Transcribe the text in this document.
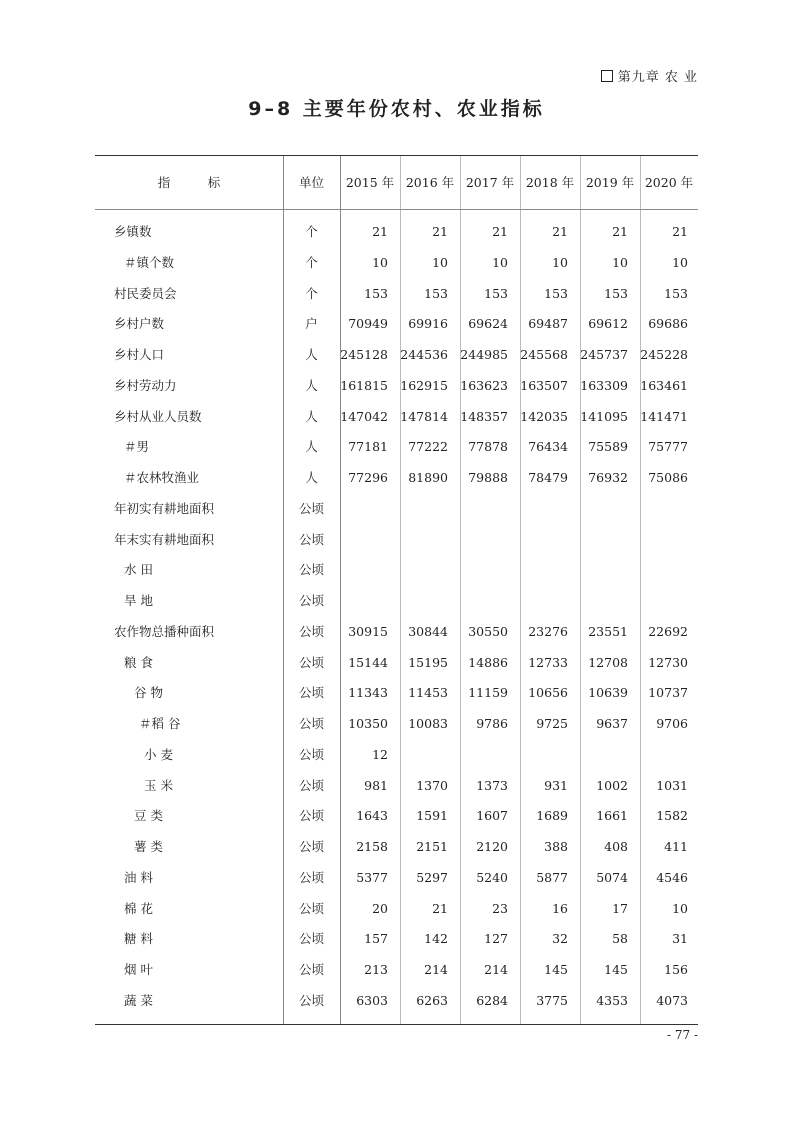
第九章 农 业
9–8 主要年份农村、农业指标
指　　　标	单位	2015 年 2016 年 2017 年 2018 年 2019 年 2020 年
乡镇数	个	21	21	21	21	21	21
＃镇个数	个	10	10	10	10	10	10
村民委员会	个	153	153	153	153	153	153
乡村户数	户	70949	69916	69624	69487	69612	69686
乡村人口	人	245128 244536 244985 245568 245737 245228
乡村劳动力	人	161815 162915 163623 163507 163309 163461
乡村从业人员数	人	147042 147814 148357 142035 141095 141471
＃男	人	77181	77222	77878	76434	75589	75777
＃农林牧渔业	人	77296	81890	79888	78479	76932	75086
年初实有耕地面积	公顷
年末实有耕地面积	公顷
水 田	公顷
旱 地	公顷
农作物总播种面积	公顷	30915	30844	30550	23276	23551	22692
粮 食	公顷	15144	15195	14886	12733	12708	12730
谷 物	公顷	11343	11453	11159	10656	10639	10737
＃稻 谷	公顷	10350	10083	9786	9725	9637	9706
小 麦	公顷	12
玉 米	公顷	981	1370	1373	931	1002	1031
豆 类	公顷	1643	1591	1607	1689	1661	1582
薯 类	公顷	2158	2151	2120	388	408	411
油 料	公顷	5377	5297	5240	5877	5074	4546
棉 花	公顷	20	21	23	16	17	10
糖 料	公顷	157	142	127	32	58	31
烟 叶	公顷	213	214	214	145	145	156
蔬 菜	公顷	6303	6263	6284	3775	4353	4073
- 77 -
